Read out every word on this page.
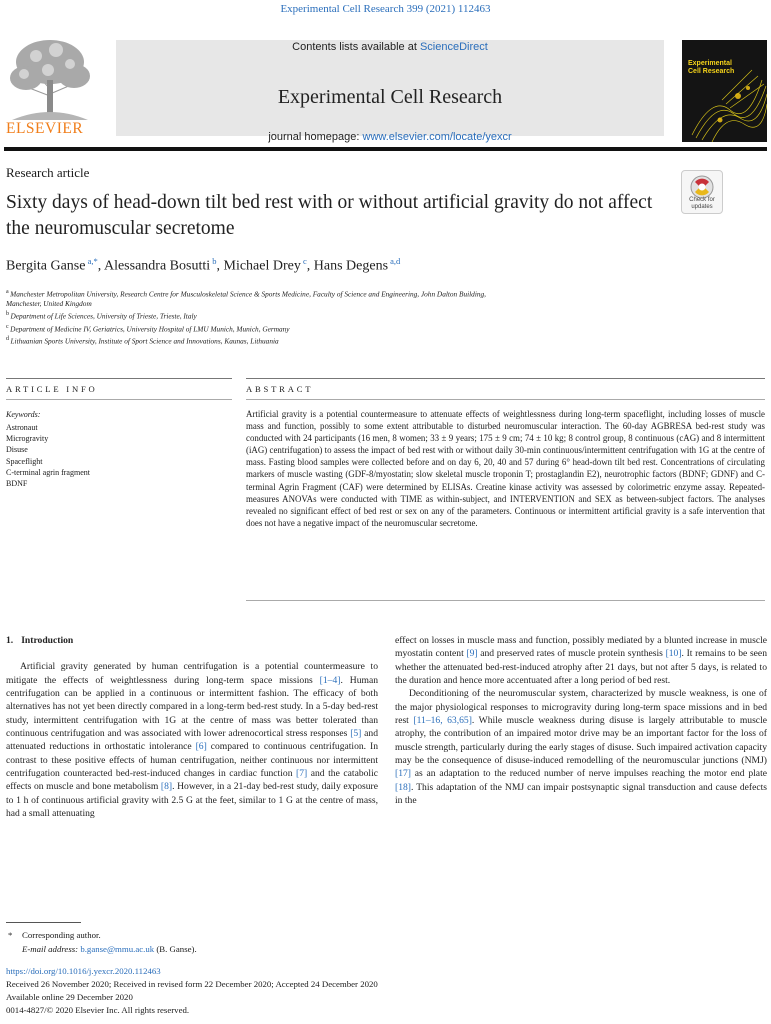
Experimental Cell Research 399 (2021) 112463
ELSEVIER
Contents lists available at ScienceDirect
Experimental Cell Research
journal homepage: www.elsevier.com/locate/yexcr
Experimental
Cell Research
Research article
Sixty days of head-down tilt bed rest with or without artificial gravity do not affect the neuromuscular secretome
Check for
updates
Bergita Ganse $^{a,*}$, Alessandra Bosutti $^b$, Michael Drey $^c$, Hans Degens $^{a,d}$
$^a$ Manchester Metropolitan University, Research Centre for Musculoskeletal Science & Sports Medicine, Faculty of Science and Engineering, John Dalton Building,
Manchester, United Kingdom
$^b$ Department of Life Sciences, University of Trieste, Trieste, Italy
$^c$ Department of Medicine IV, Geriatrics, University Hospital of LMU Munich, Munich, Germany
$^d$ Lithuanian Sports University, Institute of Sport Science and Innovations, Kaunas, Lithuania
ARTICLE INFO	ABSTRACT
Keywords:
Astronaut
Microgravity
Disuse
Spaceflight
C-terminal agrin fragment
BDNF
Artificial gravity is a potential countermeasure to attenuate effects of weightlessness during long-term spaceflight, including losses of muscle mass and function, possibly to some extent attributable to disturbed neuromuscular interaction. The 60-day AGBRESA bed-rest study was conducted with 24 participants (16 men, 8 women; 33 ± 9 years; 175 ± 9 cm; 74 ± 10 kg; 8 control group, 8 continuous (cAG) and 8 intermittent (iAG) centrifugation) to assess the impact of bed rest with or without daily 30-min continuous/intermittent centrifugation with 1G at the centre of mass. Fasting blood samples were collected before and on day 6, 20, 40 and 57 during 6° head-down tilt bed rest. Concentrations of circulating markers of muscle wasting (GDF-8/myostatin; slow skeletal muscle troponin T; prostaglandin E2), neurotrophic factors (BDNF; GDNF) and C-terminal Agrin Fragment (CAF) were determined by ELISAs. Creatine kinase activity was assessed by colorimetric enzyme assay. Repeated-measures ANOVAs were conducted with TIME as within-subject, and INTERVENTION and SEX as between-subject factors. The analyses revealed no significant effect of bed rest or sex on any of the parameters. Continuous or intermittent artificial gravity is a safe intervention that does not have a negative impact of the neuromuscular secretome.
1. Introduction

Artificial gravity generated by human centrifugation is a potential countermeasure to mitigate the effects of weightlessness during long-term space missions [1–4]. Human centrifugation can be applied in a continuous or intermittent fashion. The efficacy of both alternatives has not yet been directly compared in a long-term bed-rest study. In a 5-day bed-rest study, intermittent centrifugation with 1G at the centre of mass was better tolerated than continuous centrifugation and was associated with lower adrenocortical stress responses [5] and attenuated reductions in orthostatic intolerance [6] compared to continuous centrifugation. In contrast to these positive effects of human centrifugation, neither continuous nor intermittent centrifugation counteracted bed-rest-induced changes in cardiac function [7] and the catabolic effects on muscle and bone metabolism [8]. However, in a 21-day bed-rest study, daily exposure to 1 h of continuous artificial gravity with 2.5 G at the feet, similar to 1 G at the centre of mass, had a small attenuating

effect on losses in muscle mass and function, possibly mediated by a blunted increase in muscle myostatin content [9] and preserved rates of muscle protein synthesis [10]. It remains to be seen whether the attenuated bed-rest-induced atrophy after 21 days, but not after 5 days, is related to the duration and hence more accentuated after a long period of bed rest.

Deconditioning of the neuromuscular system, characterized by muscle weakness, is one of the major physiological responses to microgravity during long-term space missions and in bed rest [11–16, 63,65]. While muscle weakness during disuse is largely attributable to muscle atrophy, the contribution of an impaired motor drive may be an important factor for the loss of muscle strength, particularly during the early stages of disuse. Such impaired activation capacity may be the consequence of disuse-induced remodelling of the neuromuscular junctions (NMJ) [17] as an adaptation to the reduced number of nerve impulses reaching the motor end plate [18]. This adaptation of the NMJ can impair postsynaptic signal transduction and cause defects in the

* Corresponding author.
E-mail address: b.ganse@mmu.ac.uk (B. Ganse).
https://doi.org/10.1016/j.yexcr.2020.112463
Received 26 November 2020; Received in revised form 22 December 2020; Accepted 24 December 2020
Available online 29 December 2020
0014-4827/© 2020 Elsevier Inc. All rights reserved.
